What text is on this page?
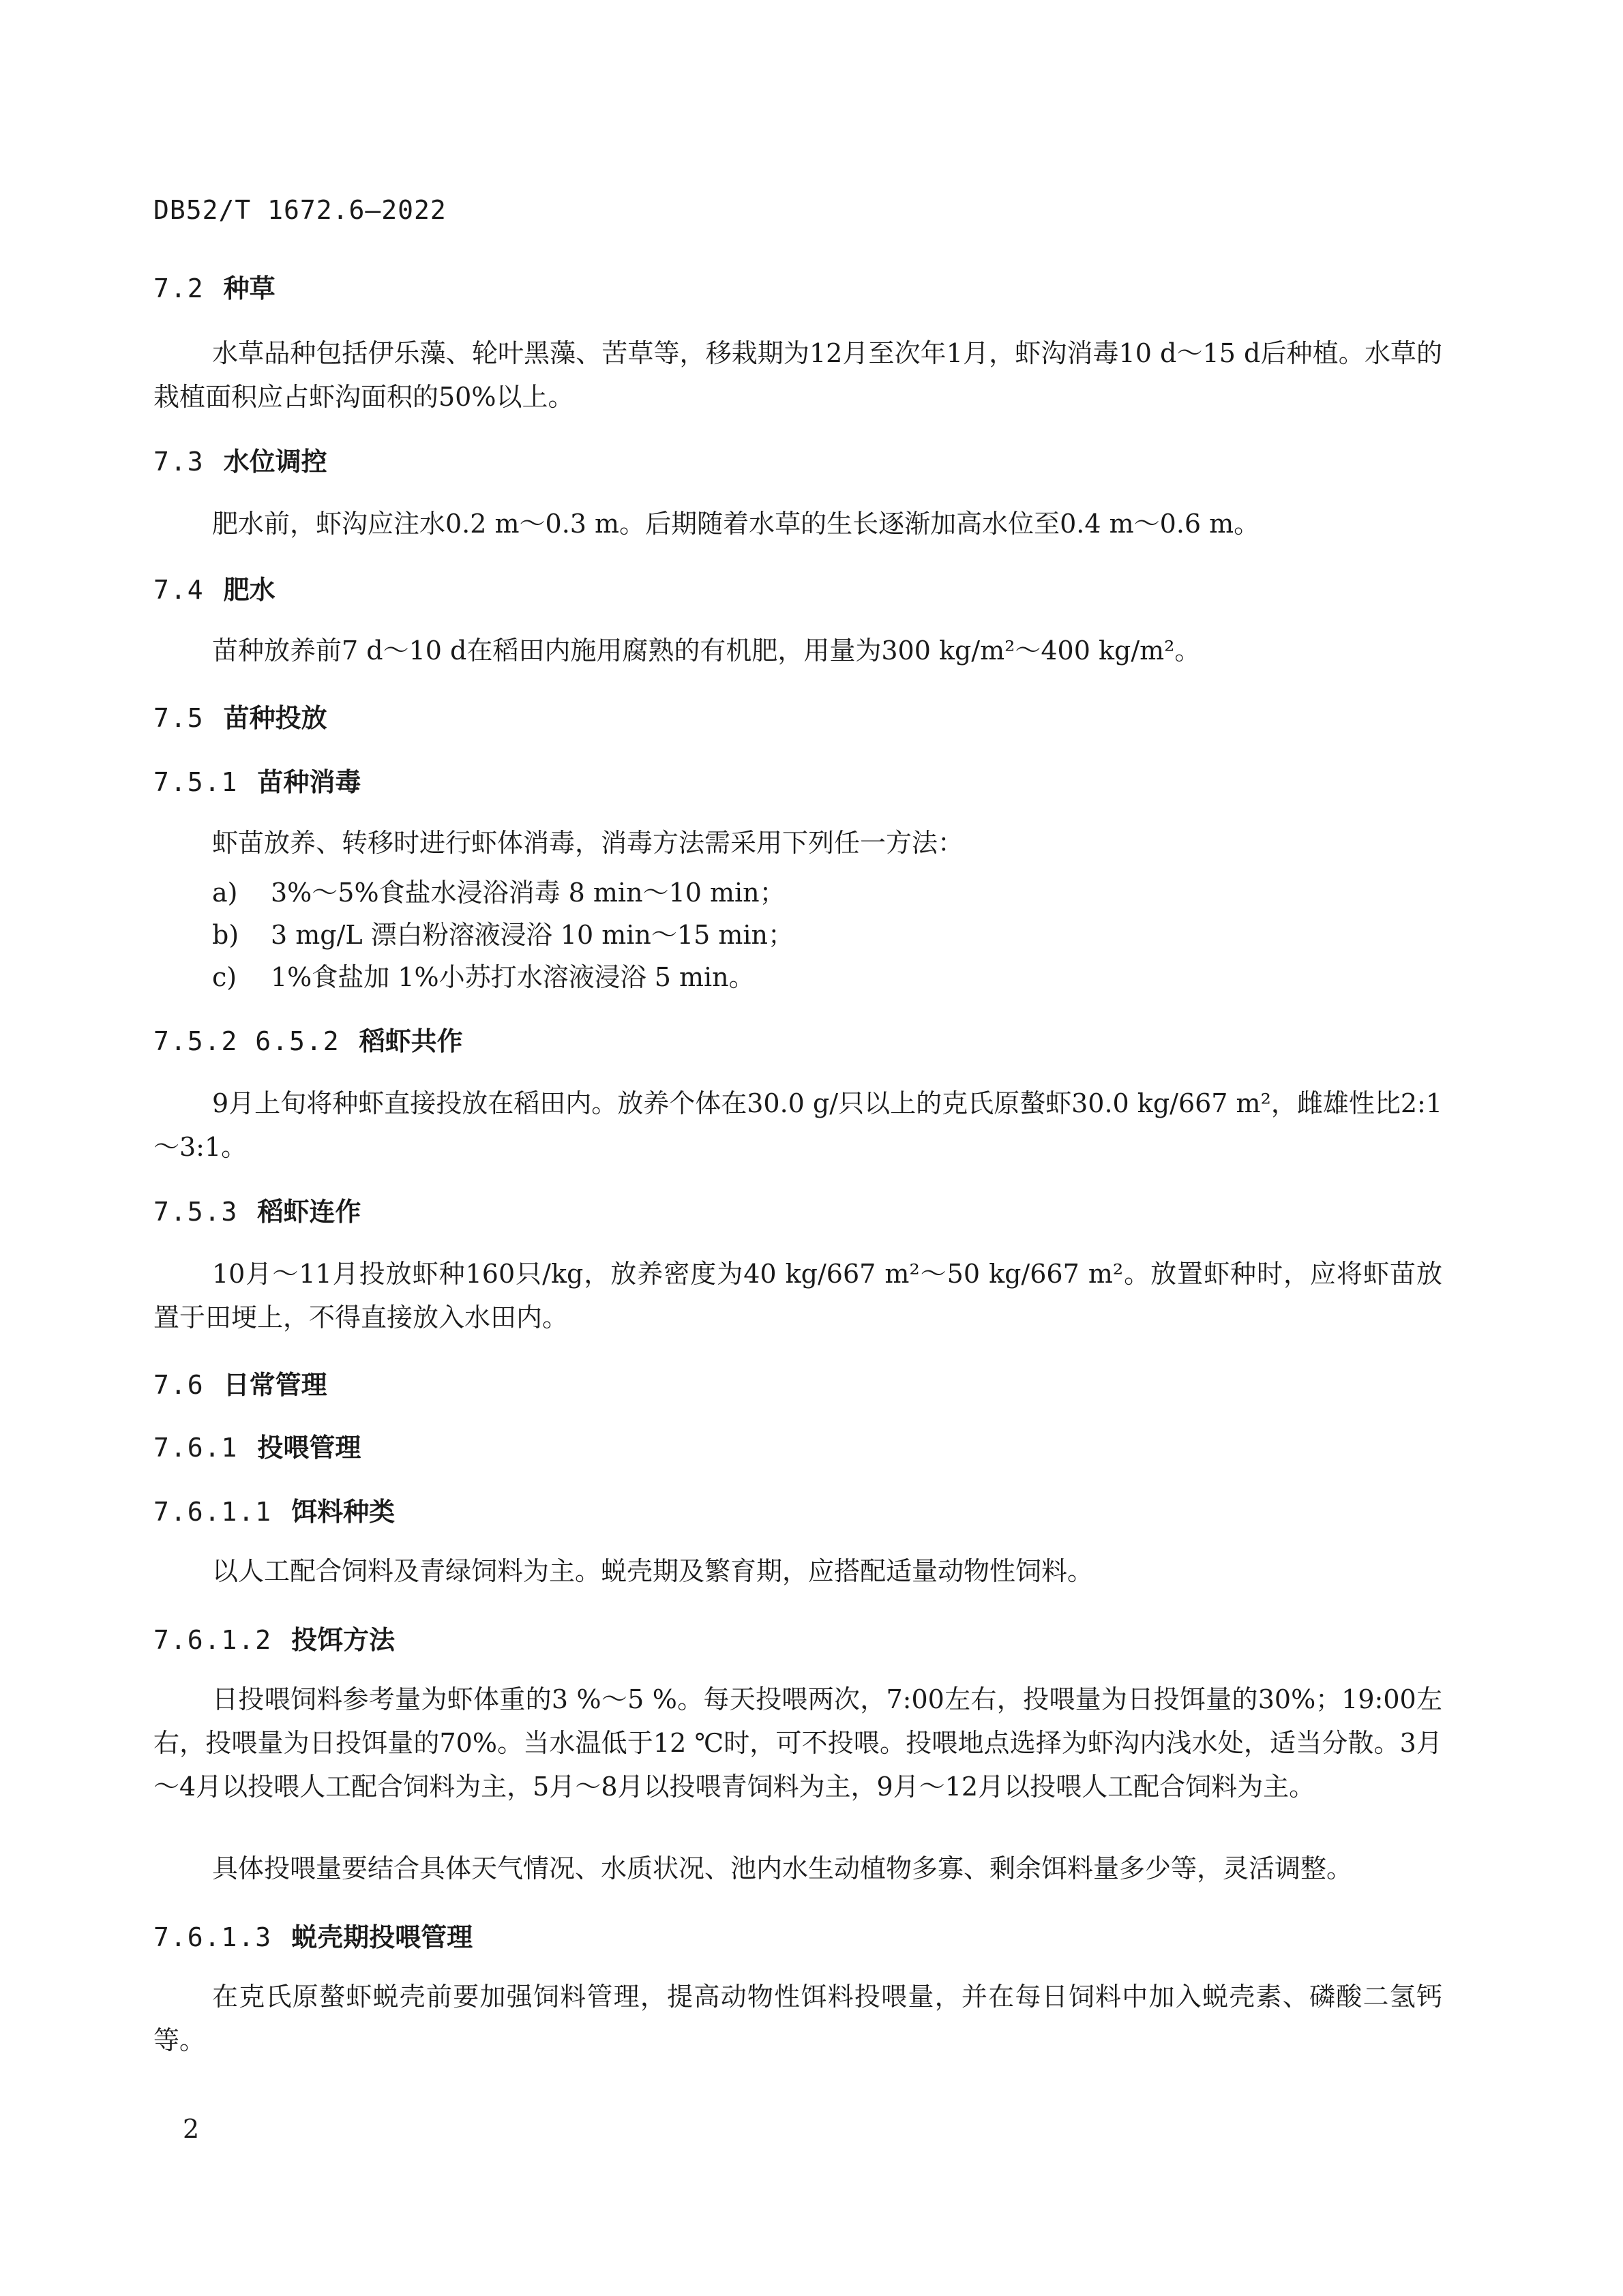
DB52/T 1672.6—2022
7.2 种草
水草品种包括伊乐藻、轮叶黑藻、苦草等，移栽期为12月至次年1月，虾沟消毒10 d～15 d后种植。水草的栽植面积应占虾沟面积的50%以上。
7.3 水位调控
肥水前，虾沟应注水0.2 m～0.3 m。后期随着水草的生长逐渐加高水位至0.4 m～0.6 m。
7.4 肥水
苗种放养前7 d～10 d在稻田内施用腐熟的有机肥，用量为300 kg/m²～400 kg/m²。
7.5 苗种投放
7.5.1 苗种消毒
虾苗放养、转移时进行虾体消毒，消毒方法需采用下列任一方法：
a) 3%～5%食盐水浸浴消毒 8 min～10 min；
b) 3 mg/L 漂白粉溶液浸浴 10 min～15 min；
c) 1%食盐加 1%小苏打水溶液浸浴 5 min。
7.5.2 6.5.2 稻虾共作
9月上旬将种虾直接投放在稻田内。放养个体在30.0 g/只以上的克氏原螯虾30.0 kg/667 m²，雌雄性比2:1～3:1。
7.5.3 稻虾连作
10月～11月投放虾种160只/kg，放养密度为40 kg/667 m²～50 kg/667 m²。放置虾种时，应将虾苗放置于田埂上，不得直接放入水田内。
7.6 日常管理
7.6.1 投喂管理
7.6.1.1 饵料种类
以人工配合饲料及青绿饲料为主。蜕壳期及繁育期，应搭配适量动物性饲料。
7.6.1.2 投饵方法
日投喂饲料参考量为虾体重的3 %～5 %。每天投喂两次，7:00左右，投喂量为日投饵量的30%；19:00左右，投喂量为日投饵量的70%。当水温低于12 ℃时，可不投喂。投喂地点选择为虾沟内浅水处，适当分散。3月～4月以投喂人工配合饲料为主，5月～8月以投喂青饲料为主，9月～12月以投喂人工配合饲料为主。
具体投喂量要结合具体天气情况、水质状况、池内水生动植物多寡、剩余饵料量多少等，灵活调整。
7.6.1.3 蜕壳期投喂管理
在克氏原螯虾蜕壳前要加强饲料管理，提高动物性饵料投喂量，并在每日饲料中加入蜕壳素、磷酸二氢钙等。
2
